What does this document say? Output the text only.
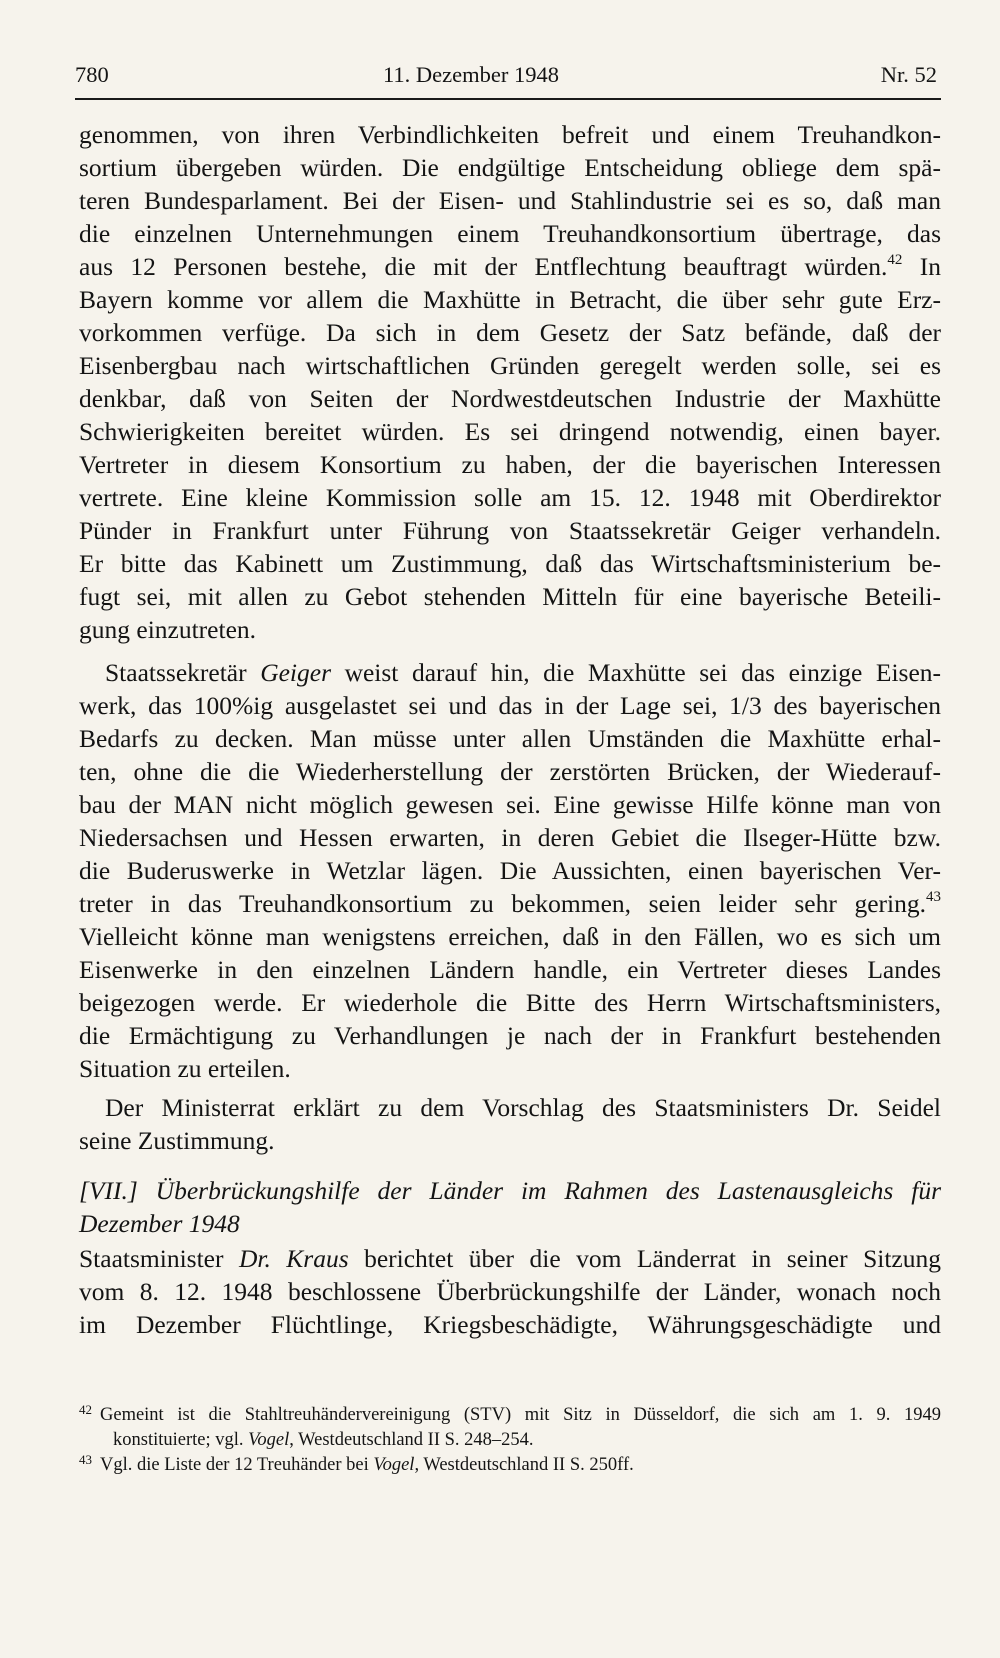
780	11. Dezember 1948	Nr. 52
genommen, von ihren Verbindlichkeiten befreit und einem Treuhandkon-
sortium übergeben würden. Die endgültige Entscheidung obliege dem spä-
teren Bundesparlament. Bei der Eisen- und Stahlindustrie sei es so, daß man
die einzelnen Unternehmungen einem Treuhandkonsortium übertrage, das
aus 12 Personen bestehe, die mit der Entflechtung beauftragt würden.$^{42}$ In
Bayern komme vor allem die Maxhütte in Betracht, die über sehr gute Erz-
vorkommen verfüge. Da sich in dem Gesetz der Satz befände, daß der
Eisenbergbau nach wirtschaftlichen Gründen geregelt werden solle, sei es
denkbar, daß von Seiten der Nordwestdeutschen Industrie der Maxhütte
Schwierigkeiten bereitet würden. Es sei dringend notwendig, einen bayer.
Vertreter in diesem Konsortium zu haben, der die bayerischen Interessen
vertrete. Eine kleine Kommission solle am 15. 12. 1948 mit Oberdirektor
Pünder in Frankfurt unter Führung von Staatssekretär Geiger verhandeln.
Er bitte das Kabinett um Zustimmung, daß das Wirtschaftsministerium be-
fugt sei, mit allen zu Gebot stehenden Mitteln für eine bayerische Beteili-
gung einzutreten.
Staatssekretär Geiger weist darauf hin, die Maxhütte sei das einzige Eisen-
werk, das 100%ig ausgelastet sei und das in der Lage sei, 1/3 des bayerischen
Bedarfs zu decken. Man müsse unter allen Umständen die Maxhütte erhal-
ten, ohne die die Wiederherstellung der zerstörten Brücken, der Wiederauf-
bau der MAN nicht möglich gewesen sei. Eine gewisse Hilfe könne man von
Niedersachsen und Hessen erwarten, in deren Gebiet die Ilseger-Hütte bzw.
die Buderuswerke in Wetzlar lägen. Die Aussichten, einen bayerischen Ver-
treter in das Treuhandkonsortium zu bekommen, seien leider sehr gering.$^{43}$
Vielleicht könne man wenigstens erreichen, daß in den Fällen, wo es sich um
Eisenwerke in den einzelnen Ländern handle, ein Vertreter dieses Landes
beigezogen werde. Er wiederhole die Bitte des Herrn Wirtschaftsministers,
die Ermächtigung zu Verhandlungen je nach der in Frankfurt bestehenden
Situation zu erteilen.
Der Ministerrat erklärt zu dem Vorschlag des Staatsministers Dr. Seidel
seine Zustimmung.
[VII.] Überbrückungshilfe der Länder im Rahmen des Lastenausgleichs für
Dezember 1948
Staatsminister Dr. Kraus berichtet über die vom Länderrat in seiner Sitzung
vom 8. 12. 1948 beschlossene Überbrückungshilfe der Länder, wonach noch
im Dezember Flüchtlinge, Kriegsbeschädigte, Währungsgeschädigte und
$^{42}$ Gemeint ist die Stahltreuhändervereinigung (STV) mit Sitz in Düsseldorf, die sich am 1. 9. 1949
konstituierte; vgl. Vogel, Westdeutschland II S. 248–254.
$^{43}$ Vgl. die Liste der 12 Treuhänder bei Vogel, Westdeutschland II S. 250ff.
